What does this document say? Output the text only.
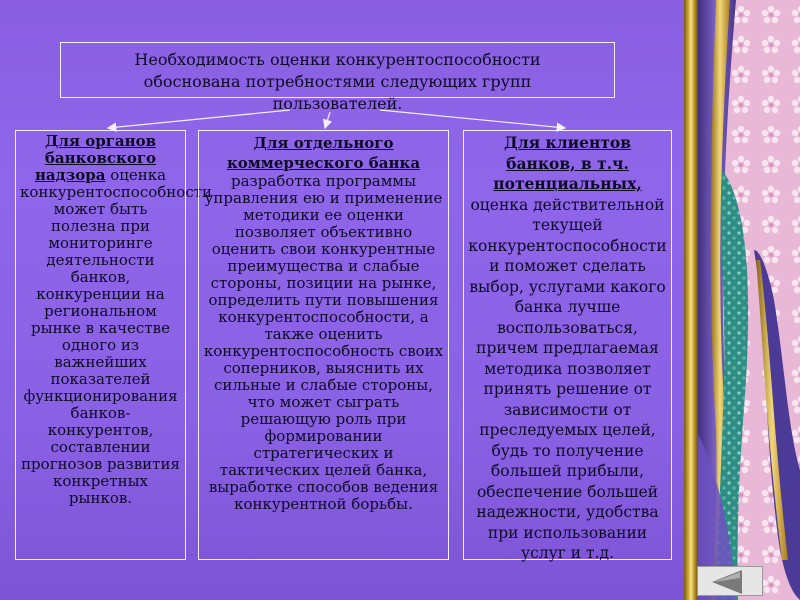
Необходимость оценки конкурентоспособности
обоснована потребностями следующих групп
пользователей.
Для органов банковского надзора оценка конкурентоспособности может быть полезна при мониторинге деятельности банков, конкуренции на региональном рынке в качестве одного из важнейших показателей функционирования банков-конкурентов, составлении прогнозов развития конкретных рынков.
Для отдельного коммерческого банка
разработка программы управления ею и применение методики ее оценки позволяет объективно оценить свои конкурентные преимущества и слабые стороны, позиции на рынке, определить пути повышения конкурентоспособности, а также оценить конкурентоспособность своих соперников, выяснить их сильные и слабые стороны, что может сыграть решающую роль при формировании стратегических и тактических целей банка, выработке способов ведения конкурентной борьбы.
Для клиентов банков, в т.ч. потенциальных,
оценка действительной текущей конкурентоспособности и поможет сделать выбор, услугами какого банка лучше воспользоваться, причем предлагаемая методика позволяет принять решение от зависимости от преследуемых целей, будь то получение большей прибыли, обеспечение большей надежности, удобства при использовании услуг и т.д.
